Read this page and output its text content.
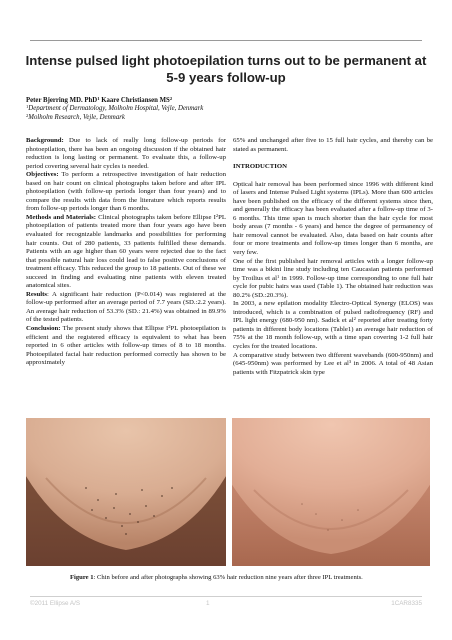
Intense pulsed light photoepilation turns out to be permanent at 5-9 years follow-up
Peter Bjerring MD. PhD$^1$ Kaare Christiansen $MS^2$
$^1$Department of Dermatology, Molholm Hospital, Vejle, Denmark
$^2$Molholm Research, Vejle, Denmark

Background: Due to lack of really long follow-up periods for photoepilation, there has been an ongoing discussion if the obtained hair reduction is long lasting or permanent. To evaluate this, a follow-up period covering several hair cycles is needed.

Objectives: To perform a retrospective investigation of hair reduction based on hair count on clinical photographs taken before and after IPL photoepilation (with follow-up periods longer than four years) and to compare the results with data from the literature which reports results from follow-up periods longer than 6 months.

Methods and Materials: Clinical photographs taken before Ellipse $I^2PL$ photoepilation of patients treated more than four years ago have been evaluated for recognizable landmarks and possibilities for performing hair counts. Out of 280 patients, 33 patients fulfilled these demands. Patients with an age higher than 60 years were rejected due to the fact that possible natural hair loss could lead to false positive conclusions of treatment efficacy. This reduced the group to 18 patients. Out of these we succeed in finding and evaluating nine patients with eleven treated anatomical sites.

Results: A significant hair reduction (P<0.014) was registered at the follow-up performed after an average period of 7.7 years (SD.:2.2 years). An average hair reduction of 53.3% (SD.: 21.4%) was obtained in 89.9% of the tested patients.

Conclusion: The present study shows that Ellipse $I^2PL$ photoepilation is efficient and the registered efficacy is equivalent to what has been reported in 6 other articles with follow-up times of 8 to 18 months. Photoepilated facial hair reduction performed correctly has shown to be approximately

65% and unchanged after five to 15 full hair cycles, and thereby can be stated as permanent.

INTRODUCTION

Optical hair removal has been performed since 1996 with different kind of lasers and Intense Pulsed Light systems (IPLs). More than 600 articles have been published on the efficacy of the different systems since then, and generally the efficacy has been evaluated after a follow-up time of 3-6 months. This time span is much shorter than the hair cycle for most body areas (7 months - 6 years) and hence the degree of permanency of hair removal cannot be evaluated. Also, data based on hair counts after four or more treatments and follow-up times longer than 6 months, are very few.

One of the first published hair removal articles with a longer follow-up time was a bikini line study including ten Caucasian patients performed by Troilius et $al^1$ in 1999. Follow-up time corresponding to one full hair cycle for pubic hairs was used (Table 1). The obtained hair reduction was 80.2% (SD.:20.3%).

In 2003, a new epilation modality Electro-Optical Synergy (ELOS) was introduced, which is a combination of pulsed radiofrequency (RF) and IPL light energy (680-950 nm). Sadick et $al^2$ reported after treating forty patients in different body locations (Table1) an average hair reduction of 75% at the 18 month follow-up, with a time span covering 1-2 full hair cycles for the treated locations.

A comparative study between two different wavebands (600-950nm) and (645-950nm) was performed by Lee et $al^3$ in 2006. A total of 48 Asian patients with Fitzpatrick skin type

Figure 1: Chin before and after photographs showing 63% hair reduction nine years after three IPL treatments.
©2011 Ellipse A/S	1	1CAR8335
